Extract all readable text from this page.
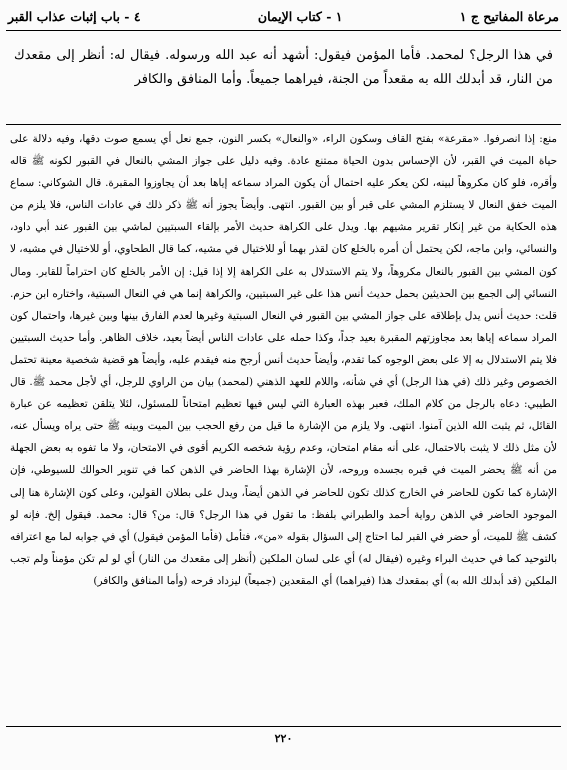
مرعاة المفاتيح ج ١
١ - كتاب الإيمان
٤ - باب إثبات عذاب القبر

في هذا الرجل؟ لمحمد. فأما المؤمن فيقول: أشهد أنه عبد الله ورسوله. فيقال له: أنظر إلى مقعدك من النار، قد أبدلك الله به مقعداً من الجنة، فيراهما جميعاً. وأما المنافق والكافر

منع: إذا انصرفوا. «مقرعة» بفتح القاف وسكون الراء، «والنعال» بكسر النون، جمع نعل أي يسمع صوت دقها، وفيه دلالة على حياة الميت في القبر، لأن الإحساس بدون الحياة ممتنع عادة. وفيه دليل على جواز المشي بالنعال في القبور لكونه ﷺ قاله وأقره، فلو كان مكروهاً لبينه، لكن يعكر عليه احتمال أن يكون المراد سماعه إياها بعد أن يجاوزوا المقبرة. قال الشوكاني: سماع الميت خفق النعال لا يستلزم المشي على قبر أو بين القبور. انتهى. وأيضاً يجوز أنه ﷺ ذكر ذلك في عادات الناس، فلا يلزم من هذه الحكاية من غير إنكار تقرير مشيهم بها. ويدل على الكراهة حديث الأمر بإلقاء السبتيين لماشي بين القبور عند أبي داود، والنسائي، وابن ماجه، لكن يحتمل أن أمره بالخلع كان لقذر بهما أو للاختيال في مشيه، كما قال الطحاوي، أو للاختيال في مشيه، لا كون المشي بين القبور بالنعال مكروهاً، ولا يتم الاستدلال به على الكراهة إلا إذا قيل: إن الأمر بالخلع كان احتراماً للقابر. ومال النسائي إلى الجمع بين الحديثين بحمل حديث أنس هذا على غير السبتيين، والكراهة إنما هي في النعال السبتية، واختاره ابن حزم. قلت: حديث أنس يدل بإطلاقه على جواز المشي بين القبور في النعال السبتية وغيرها لعدم الفارق بينها وبين غيرها، واحتمال كون المراد سماعه إياها بعد مجاوزتهم المقبرة بعيد جداً، وكذا حمله على عادات الناس أيضاً بعيد، خلاف الظاهر. وأما حديث السبتيين فلا يتم الاستدلال به إلا على بعض الوجوه كما تقدم، وأيضاً حديث أنس أرجح منه فيقدم عليه، وأيضاً هو قضية شخصية معينة تحتمل الخصوص وغير ذلك (في هذا الرجل) أي في شأنه، واللام للعهد الذهني (لمحمد) بيان من الراوي للرجل، أي لأجل محمد ﷺ. قال الطيبي: دعاه بالرجل من كلام الملك، فعبر بهذه العبارة التي ليس فيها تعظيم امتحاناً للمسئول، لئلا يتلقن تعظيمه عن عبارة القائل، ثم يثبت الله الذين آمنوا. انتهى. ولا يلزم من الإشارة ما قيل من رفع الحجب بين الميت وبينه ﷺ حتى يراه ويسأل عنه، لأن مثل ذلك لا يثبت بالاحتمال، على أنه مقام امتحان، وعدم رؤية شخصه الكريم أقوى في الامتحان، ولا ما تفوه به بعض الجهلة من أنه ﷺ يحضر الميت في قبره بجسده وروحه، لأن الإشارة بهذا الحاضر في الذهن كما في تنوير الحوالك للسيوطي، فإن الإشارة كما تكون للحاضر في الخارج كذلك تكون للحاضر في الذهن أيضاً، ويدل على بطلان القولين، وعلى كون الإشارة هنا إلى الموجود الحاضر في الذهن رواية أحمد والطبراني بلفظ: ما تقول في هذا الرجل؟ قال: من؟ قال: محمد. فيقول إلخ. فإنه لو كشف ﷺ للميت، أو حضر في القبر لما احتاج إلى السؤال بقوله «من»، فتأمل (فأما المؤمن فيقول) أي في جوابه لما مع اعترافه بالتوحيد كما في حديث البراء وغيره (فيقال له) أي على لسان الملكين (أنظر إلى مقعدك من النار) أي لو لم تكن مؤمناً ولم تجب الملكين (قد أبدلك الله به) أي بمقعدك هذا (فيراهما) أي المقعدين (جميعاً) ليزداد فرحه (وأما المنافق والكافر)

٢٢٠
